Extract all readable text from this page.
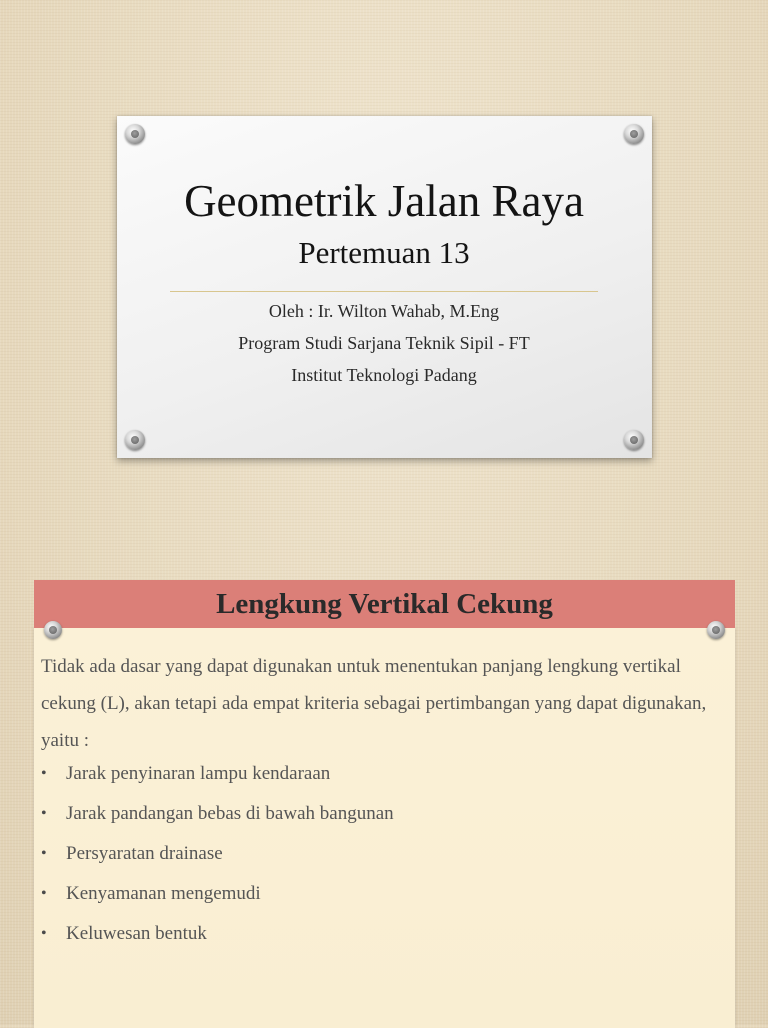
Geometrik Jalan Raya
Pertemuan 13
Oleh : Ir. Wilton Wahab, M.Eng
Program Studi Sarjana Teknik Sipil - FT
Institut Teknologi Padang
Lengkung Vertikal Cekung

Tidak ada dasar yang dapat digunakan untuk menentukan panjang lengkung vertikal cekung (L), akan tetapi ada empat kriteria sebagai pertimbangan yang dapat digunakan, yaitu :

•	Jarak penyinaran lampu kendaraan
•	Jarak pandangan bebas di bawah bangunan
•	Persyaratan drainase
•	Kenyamanan mengemudi
•	Keluwesan bentuk
